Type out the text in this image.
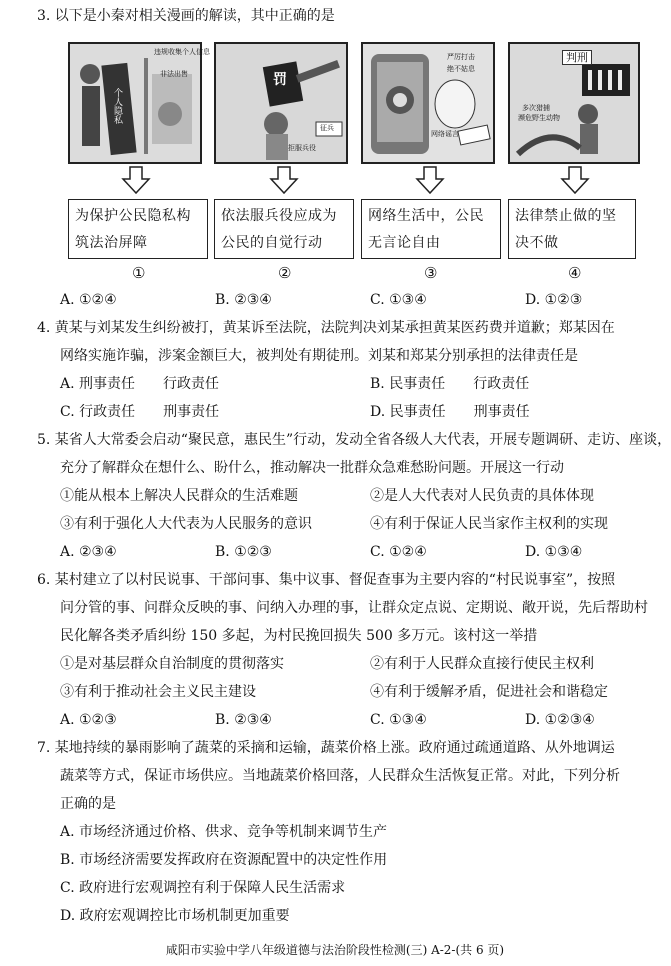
3. 以下是小秦对相关漫画的解读，其中正确的是
违规收集个人信息
非法出售
个人隐私
罚
拒服兵役
征兵
严厉打击
绝不姑息
网络谣言
判刑
多次猎捕
濒危野生动物
为保护公民隐私构筑法治屏障
依法服兵役应成为公民的自觉行动
网络生活中，公民无言论自由
法律禁止做的坚决不做
①	②	③	④
A. ①②④	B. ②③④	C. ①③④	D. ①②③
4. 黄某与刘某发生纠纷被打，黄某诉至法院，法院判决刘某承担黄某医药费并道歉；郑某因在
网络实施诈骗，涉案金额巨大，被判处有期徒刑。刘某和郑某分别承担的法律责任是
A. 刑事责任　　行政责任	B. 民事责任　　行政责任
C. 行政责任　　刑事责任	D. 民事责任　　刑事责任
5. 某省人大常委会启动“聚民意，惠民生”行动，发动全省各级人大代表，开展专题调研、走访、座谈，
充分了解群众在想什么、盼什么，推动解决一批群众急难愁盼问题。开展这一行动
①能从根本上解决人民群众的生活难题	②是人大代表对人民负责的具体体现
③有利于强化人大代表为人民服务的意识	④有利于保证人民当家作主权利的实现
A. ②③④	B. ①②③	C. ①②④	D. ①③④
6. 某村建立了以村民说事、干部问事、集中议事、督促查事为主要内容的“村民说事室”，按照
问分管的事、问群众反映的事、问纳入办理的事，让群众定点说、定期说、敞开说，先后帮助村
民化解各类矛盾纠纷 150 多起，为村民挽回损失 500 多万元。该村这一举措
①是对基层群众自治制度的贯彻落实	②有利于人民群众直接行使民主权利
③有利于推动社会主义民主建设	④有利于缓解矛盾，促进社会和谐稳定
A. ①②③	B. ②③④	C. ①③④	D. ①②③④
7. 某地持续的暴雨影响了蔬菜的采摘和运输，蔬菜价格上涨。政府通过疏通道路、从外地调运
蔬菜等方式，保证市场供应。当地蔬菜价格回落，人民群众生活恢复正常。对此，下列分析
正确的是
A. 市场经济通过价格、供求、竞争等机制来调节生产
B. 市场经济需要发挥政府在资源配置中的决定性作用
C. 政府进行宏观调控有利于保障人民生活需求
D. 政府宏观调控比市场机制更加重要
咸阳市实验中学八年级道德与法治阶段性检测(三) A-2-(共 6 页)
